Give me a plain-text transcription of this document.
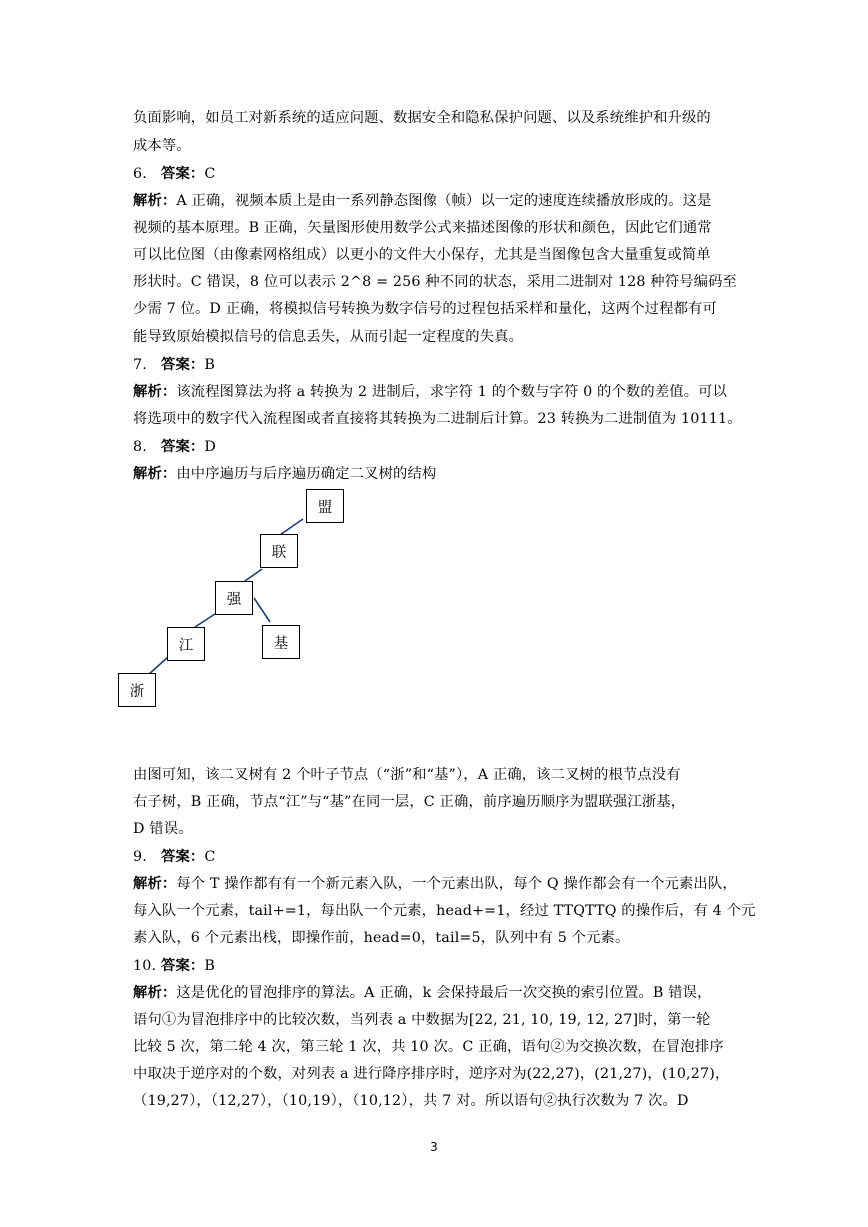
负面影响，如员工对新系统的适应问题、数据安全和隐私保护问题、以及系统维护和升级的
成本等。
6. 答案：C
解析：A 正确，视频本质上是由一系列静态图像（帧）以一定的速度连续播放形成的。这是
视频的基本原理。B 正确，矢量图形使用数学公式来描述图像的形状和颜色，因此它们通常
可以比位图（由像素网格组成）以更小的文件大小保存，尤其是当图像包含大量重复或简单
形状时。C 错误，8 位可以表示 2^8 = 256 种不同的状态，采用二进制对 128 种符号编码至
少需 7 位。D 正确，将模拟信号转换为数字信号的过程包括采样和量化，这两个过程都有可
能导致原始模拟信号的信息丢失，从而引起一定程度的失真。
7. 答案：B
解析：该流程图算法为将 a 转换为 2 进制后，求字符 1 的个数与字符 0 的个数的差值。可以
将选项中的数字代入流程图或者直接将其转换为二进制后计算。23 转换为二进制值为 10111。
8. 答案：D
解析：由中序遍历与后序遍历确定二叉树的结构
盟
联
强
江	基
浙
由图可知，该二叉树有 2 个叶子节点（“浙”和“基”），A 正确，该二叉树的根节点没有
右子树，B 正确，节点“江”与“基”在同一层，C 正确，前序遍历顺序为盟联强江浙基，
D 错误。
9. 答案：C
解析：每个 T 操作都有有一个新元素入队，一个元素出队，每个 Q 操作都会有一个元素出队，
每入队一个元素，tail+=1，每出队一个元素，head+=1，经过 TTQTTQ 的操作后，有 4 个元
素入队，6 个元素出栈，即操作前，head=0，tail=5，队列中有 5 个元素。
10. 答案：B
解析：这是优化的冒泡排序的算法。A 正确，k 会保持最后一次交换的索引位置。B 错误，
语句①为冒泡排序中的比较次数，当列表 a 中数据为[22, 21, 10, 19, 12, 27]时，第一轮
比较 5 次，第二轮 4 次，第三轮 1 次，共 10 次。C 正确，语句②为交换次数，在冒泡排序
中取决于逆序对的个数，对列表 a 进行降序排序时，逆序对为(22,27)，(21,27)，(10,27)，
（19,27），（12,27），（10,19），（10,12），共 7 对。所以语句②执行次数为 7 次。D
3
